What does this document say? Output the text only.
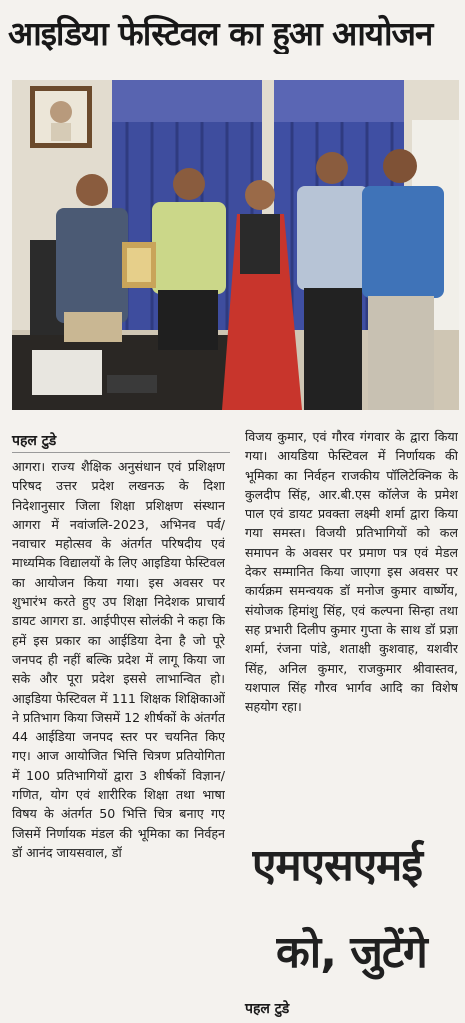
आइडिया फेस्टिवल का हुआ आयोजन
पहल टुडे

आगरा। राज्य शैक्षिक अनुसंधान एवं प्रशिक्षण परिषद उत्तर प्रदेश लखनऊ के दिशा निदेशानुसार जिला शिक्षा प्रशिक्षण संस्थान आगरा में नवांजलि-2023, अभिनव पर्व/नवाचार महोत्सव के अंतर्गत परिषदीय एवं माध्यमिक विद्यालयों के लिए आइडिया फेस्टिवल का आयोजन किया गया। इस अवसर पर शुभारंभ करते हुए उप शिक्षा निदेशक प्राचार्य डायट आगरा डा. आईपीएस सोलंकी ने कहा कि हमें इस प्रकार का आईडिया देना है जो पूरे जनपद ही नहीं बल्कि प्रदेश में लागू किया जा सके और पूरा प्रदेश इससे लाभान्वित हो। आइडिया फेस्टिवल में 111 शिक्षक शिक्षिकाओं ने प्रतिभाग किया जिसमें 12 शीर्षकों के अंतर्गत 44 आईडिया जनपद स्तर पर चयनित किए गए। आज आयोजित भित्ति चित्रण प्रतियोगिता में 100 प्रतिभागियों द्वारा 3 शीर्षकों विज्ञान/गणित, योग एवं शारीरिक शिक्षा तथा भाषा विषय के अंतर्गत 50 भित्ति चित्र बनाए गए जिसमें निर्णायक मंडल की भूमिका का निर्वहन डॉ आनंद जायसवाल, डॉ

विजय कुमार, एवं गौरव गंगवार के द्वारा किया गया। आयडिया फेस्टिवल में निर्णायक की भूमिका का निर्वहन राजकीय पॉलिटेक्निक के कुलदीप सिंह, आर.बी.एस कॉलेज के प्रमेश पाल एवं डायट प्रवक्ता लक्ष्मी शर्मा द्वारा किया गया समस्त। विजयी प्रतिभागियों को कल समापन के अवसर पर प्रमाण पत्र एवं मेडल देकर सम्मानित किया जाएगा इस अवसर पर कार्यक्रम समन्वयक डॉ मनोज कुमार वार्ष्णेय, संयोजक हिमांशु सिंह, एवं कल्पना सिन्हा तथा सह प्रभारी दिलीप कुमार गुप्ता के साथ डॉ प्रज्ञा शर्मा, रंजना पांडे, शताक्षी कुशवाह, यशवीर सिंह, अनिल कुमार, राजकुमार श्रीवास्तव, यशपाल सिंह गौरव भार्गव आदि का विशेष सहयोग रहा।

एमएसएमई
को, जुटेंगे
पहल टुडे
